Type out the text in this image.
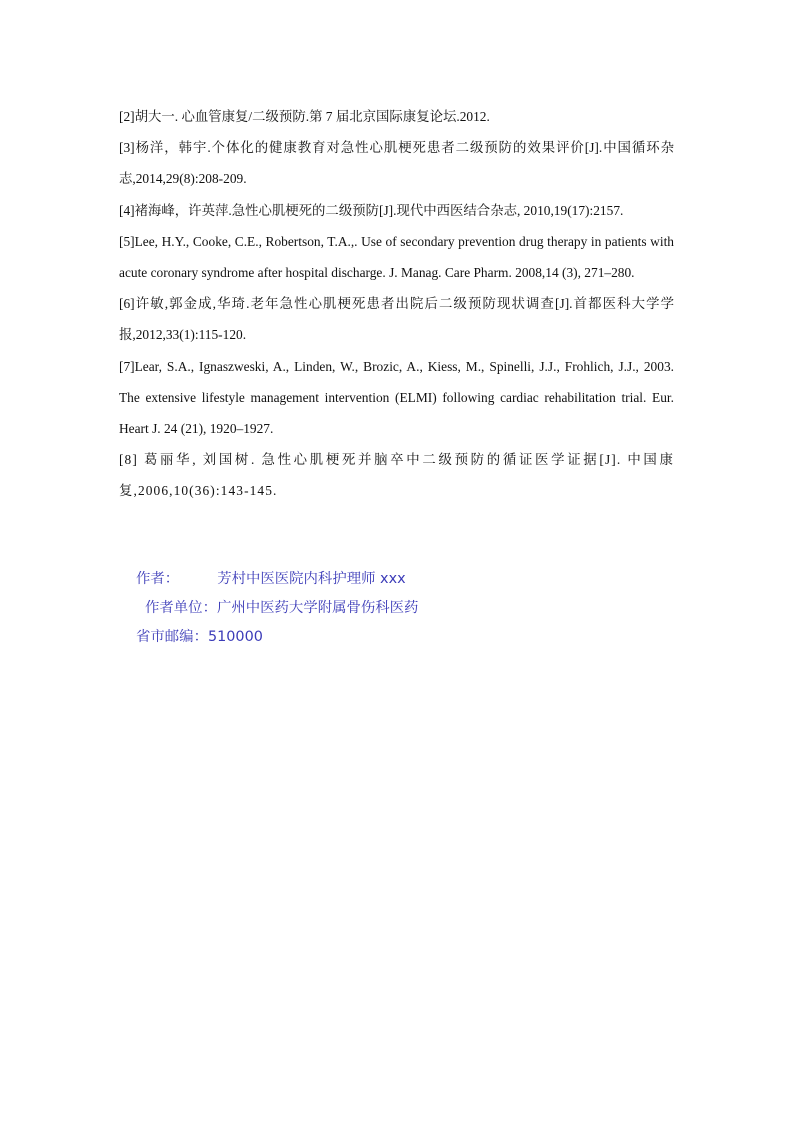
[2]胡大一. 心血管康复/二级预防.第 7 届北京国际康复论坛.2012.

[3]杨洋，韩宇.个体化的健康教育对急性心肌梗死患者二级预防的效果评价[J].中国循环杂志,2014,29(8):208-209.

[4]褚海峰，许英萍.急性心肌梗死的二级预防[J].现代中西医结合杂志, 2010,19(17):2157.

[5]Lee, H.Y., Cooke, C.E., Robertson, T.A.,. Use of secondary prevention drug therapy in patients with acute coronary syndrome after hospital discharge. J. Manag. Care Pharm. 2008,14 (3), 271–280.

[6]许敏,郭金成,华琦.老年急性心肌梗死患者出院后二级预防现状调查[J].首都医科大学学报,2012,33(1):115-120.

[7]Lear, S.A., Ignaszweski, A., Linden, W., Brozic, A., Kiess, M., Spinelli, J.J., Frohlich, J.J., 2003. The extensive lifestyle management intervention (ELMI) following cardiac rehabilitation trial. Eur. Heart J. 24 (21), 1920–1927.

[8] 葛丽华, 刘国树. 急性心肌梗死并脑卒中二级预防的循证医学证据[J]. 中国康复,2006,10(36):143-145.

作者：	芳村中医医院内科护理师 xxx
作者单位：广州中医药大学附属骨伤科医药
省市邮编：510000
